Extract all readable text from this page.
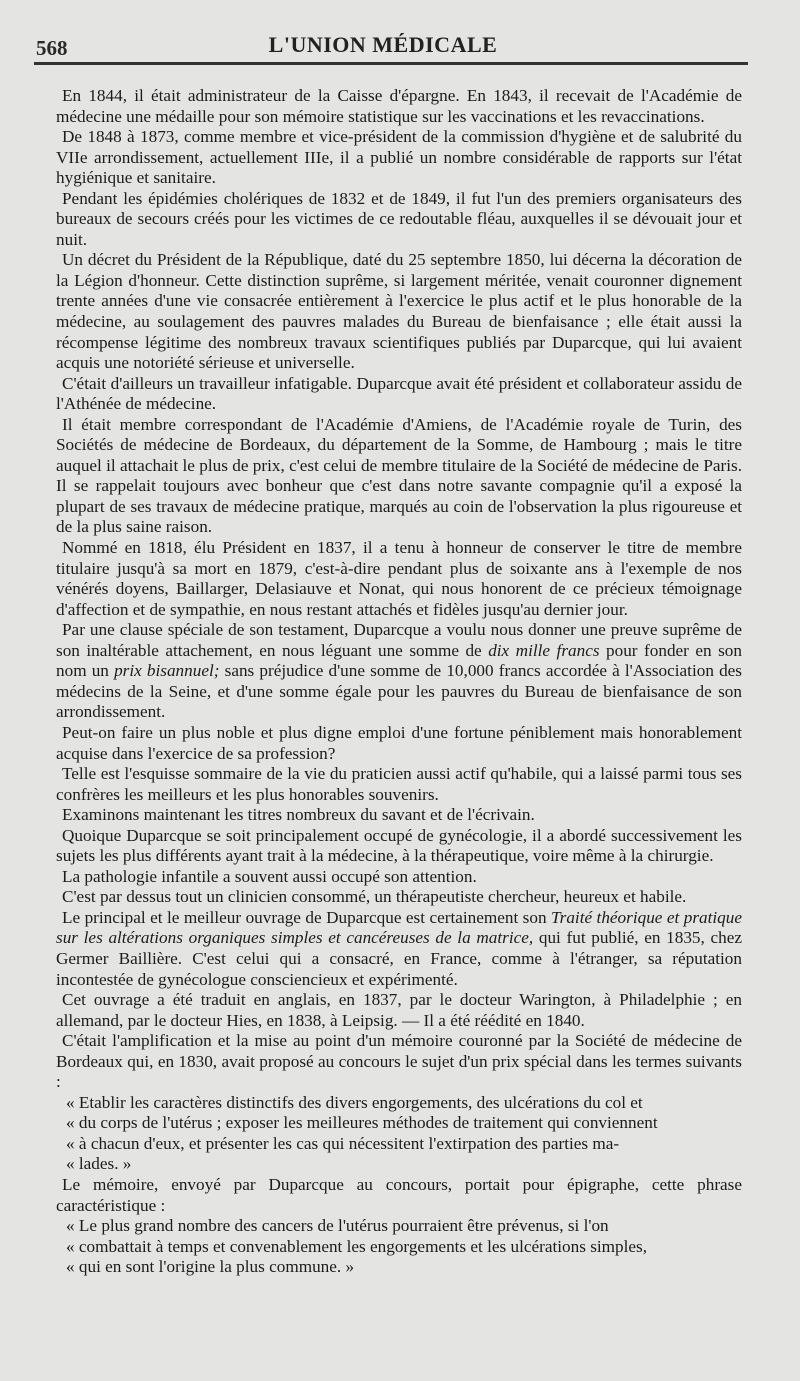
568	L'UNION MÉDICALE

En 1844, il était administrateur de la Caisse d'épargne. En 1843, il recevait de l'Académie de médecine une médaille pour son mémoire statistique sur les vaccinations et les revaccinations.

De 1848 à 1873, comme membre et vice-président de la commission d'hygiène et de salubrité du VIIe arrondissement, actuellement IIIe, il a publié un nombre considérable de rapports sur l'état hygiénique et sanitaire.

Pendant les épidémies cholériques de 1832 et de 1849, il fut l'un des premiers organisateurs des bureaux de secours créés pour les victimes de ce redoutable fléau, auxquelles il se dévouait jour et nuit.

Un décret du Président de la République, daté du 25 septembre 1850, lui décerna la décoration de la Légion d'honneur. Cette distinction suprême, si largement méritée, venait couronner dignement trente années d'une vie consacrée entièrement à l'exercice le plus actif et le plus honorable de la médecine, au soulagement des pauvres malades du Bureau de bienfaisance ; elle était aussi la récompense légitime des nombreux travaux scientifiques publiés par Duparcque, qui lui avaient acquis une notoriété sérieuse et universelle.

C'était d'ailleurs un travailleur infatigable. Duparcque avait été président et collaborateur assidu de l'Athénée de médecine.

Il était membre correspondant de l'Académie d'Amiens, de l'Académie royale de Turin, des Sociétés de médecine de Bordeaux, du département de la Somme, de Hambourg ; mais le titre auquel il attachait le plus de prix, c'est celui de membre titulaire de la Société de médecine de Paris. Il se rappelait toujours avec bonheur que c'est dans notre savante compagnie qu'il a exposé la plupart de ses travaux de médecine pratique, marqués au coin de l'observation la plus rigoureuse et de la plus saine raison.

Nommé en 1818, élu Président en 1837, il a tenu à honneur de conserver le titre de membre titulaire jusqu'à sa mort en 1879, c'est-à-dire pendant plus de soixante ans à l'exemple de nos vénérés doyens, Baillarger, Delasiauve et Nonat, qui nous honorent de ce précieux témoignage d'affection et de sympathie, en nous restant attachés et fidèles jusqu'au dernier jour.

Par une clause spéciale de son testament, Duparcque a voulu nous donner une preuve suprême de son inaltérable attachement, en nous léguant une somme de dix mille francs pour fonder en son nom un prix bisannuel; sans préjudice d'une somme de 10,000 francs accordée à l'Association des médecins de la Seine, et d'une somme égale pour les pauvres du Bureau de bienfaisance de son arrondissement.

Peut-on faire un plus noble et plus digne emploi d'une fortune péniblement mais honorablement acquise dans l'exercice de sa profession?

Telle est l'esquisse sommaire de la vie du praticien aussi actif qu'habile, qui a laissé parmi tous ses confrères les meilleurs et les plus honorables souvenirs.

Examinons maintenant les titres nombreux du savant et de l'écrivain.

Quoique Duparcque se soit principalement occupé de gynécologie, il a abordé successivement les sujets les plus différents ayant trait à la médecine, à la thérapeutique, voire même à la chirurgie.

La pathologie infantile a souvent aussi occupé son attention.

C'est par dessus tout un clinicien consommé, un thérapeutiste chercheur, heureux et habile.

Le principal et le meilleur ouvrage de Duparcque est certainement son Traité théorique et pratique sur les altérations organiques simples et cancéreuses de la matrice, qui fut publié, en 1835, chez Germer Baillière. C'est celui qui a consacré, en France, comme à l'étranger, sa réputation incontestée de gynécologue consciencieux et expérimenté.

Cet ouvrage a été traduit en anglais, en 1837, par le docteur Warington, à Philadelphie ; en allemand, par le docteur Hies, en 1838, à Leipsig. — Il a été réédité en 1840.

C'était l'amplification et la mise au point d'un mémoire couronné par la Société de médecine de Bordeaux qui, en 1830, avait proposé au concours le sujet d'un prix spécial dans les termes suivants :

« Etablir les caractères distinctifs des divers engorgements, des ulcérations du col et

« du corps de l'utérus ; exposer les meilleures méthodes de traitement qui conviennent

« à chacun d'eux, et présenter les cas qui nécessitent l'extirpation des parties ma-

« lades. »

Le mémoire, envoyé par Duparcque au concours, portait pour épigraphe, cette phrase caractéristique :

« Le plus grand nombre des cancers de l'utérus pourraient être prévenus, si l'on

« combattait à temps et convenablement les engorgements et les ulcérations simples,

« qui en sont l'origine la plus commune. »
